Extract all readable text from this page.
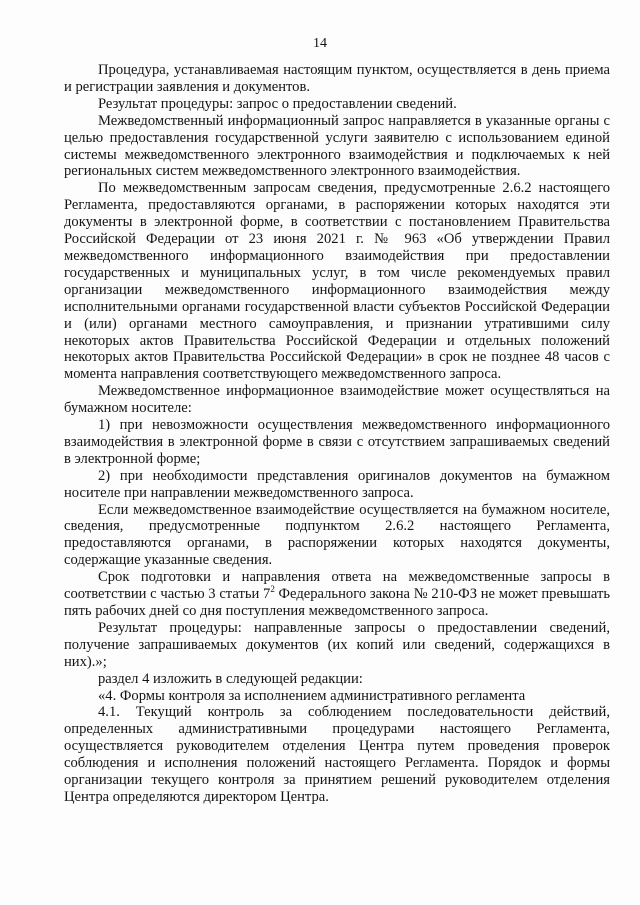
14

Процедура, устанавливаемая настоящим пунктом, осуществляется в день приема и регистрации заявления и документов.

Результат процедуры: запрос о предоставлении сведений.

Межведомственный информационный запрос направляется в указанные органы с целью предоставления государственной услуги заявителю с использованием единой системы межведомственного электронного взаимодействия и подключаемых к ней региональных систем межведомственного электронного взаимодействия.

По межведомственным запросам сведения, предусмотренные 2.6.2 настоящего Регламента, предоставляются органами, в распоряжении которых находятся эти документы в электронной форме, в соответствии с постановлением Правительства Российской Федерации от 23 июня 2021 г. № 963 «Об утверждении Правил межведомственного информационного взаимодействия при предоставлении государственных и муниципальных услуг, в том числе рекомендуемых правил организации межведомственного информационного взаимодействия между исполнительными органами государственной власти субъектов Российской Федерации и (или) органами местного самоуправления, и признании утратившими силу некоторых актов Правительства Российской Федерации и отдельных положений некоторых актов Правительства Российской Федерации» в срок не позднее 48 часов с момента направления соответствующего межведомственного запроса.

Межведомственное информационное взаимодействие может осуществляться на бумажном носителе:

1) при невозможности осуществления межведомственного информационного взаимодействия в электронной форме в связи с отсутствием запрашиваемых сведений в электронной форме;

2) при необходимости представления оригиналов документов на бумажном носителе при направлении межведомственного запроса.

Если межведомственное взаимодействие осуществляется на бумажном носителе, сведения, предусмотренные подпунктом 2.6.2 настоящего Регламента, предоставляются органами, в распоряжении которых находятся документы, содержащие указанные сведения.

Срок подготовки и направления ответа на межведомственные запросы в соответствии с частью 3 статьи $7^2$ Федерального закона № 210-ФЗ не может превышать пять рабочих дней со дня поступления межведомственного запроса.

Результат процедуры: направленные запросы о предоставлении сведений, получение запрашиваемых документов (их копий или сведений, содержащихся в них).»;

раздел 4 изложить в следующей редакции:

«4. Формы контроля за исполнением административного регламента

4.1. Текущий контроль за соблюдением последовательности действий, определенных административными процедурами настоящего Регламента, осуществляется руководителем отделения Центра путем проведения проверок соблюдения и исполнения положений настоящего Регламента. Порядок и формы организации текущего контроля за принятием решений руководителем отделения Центра определяются директором Центра.
